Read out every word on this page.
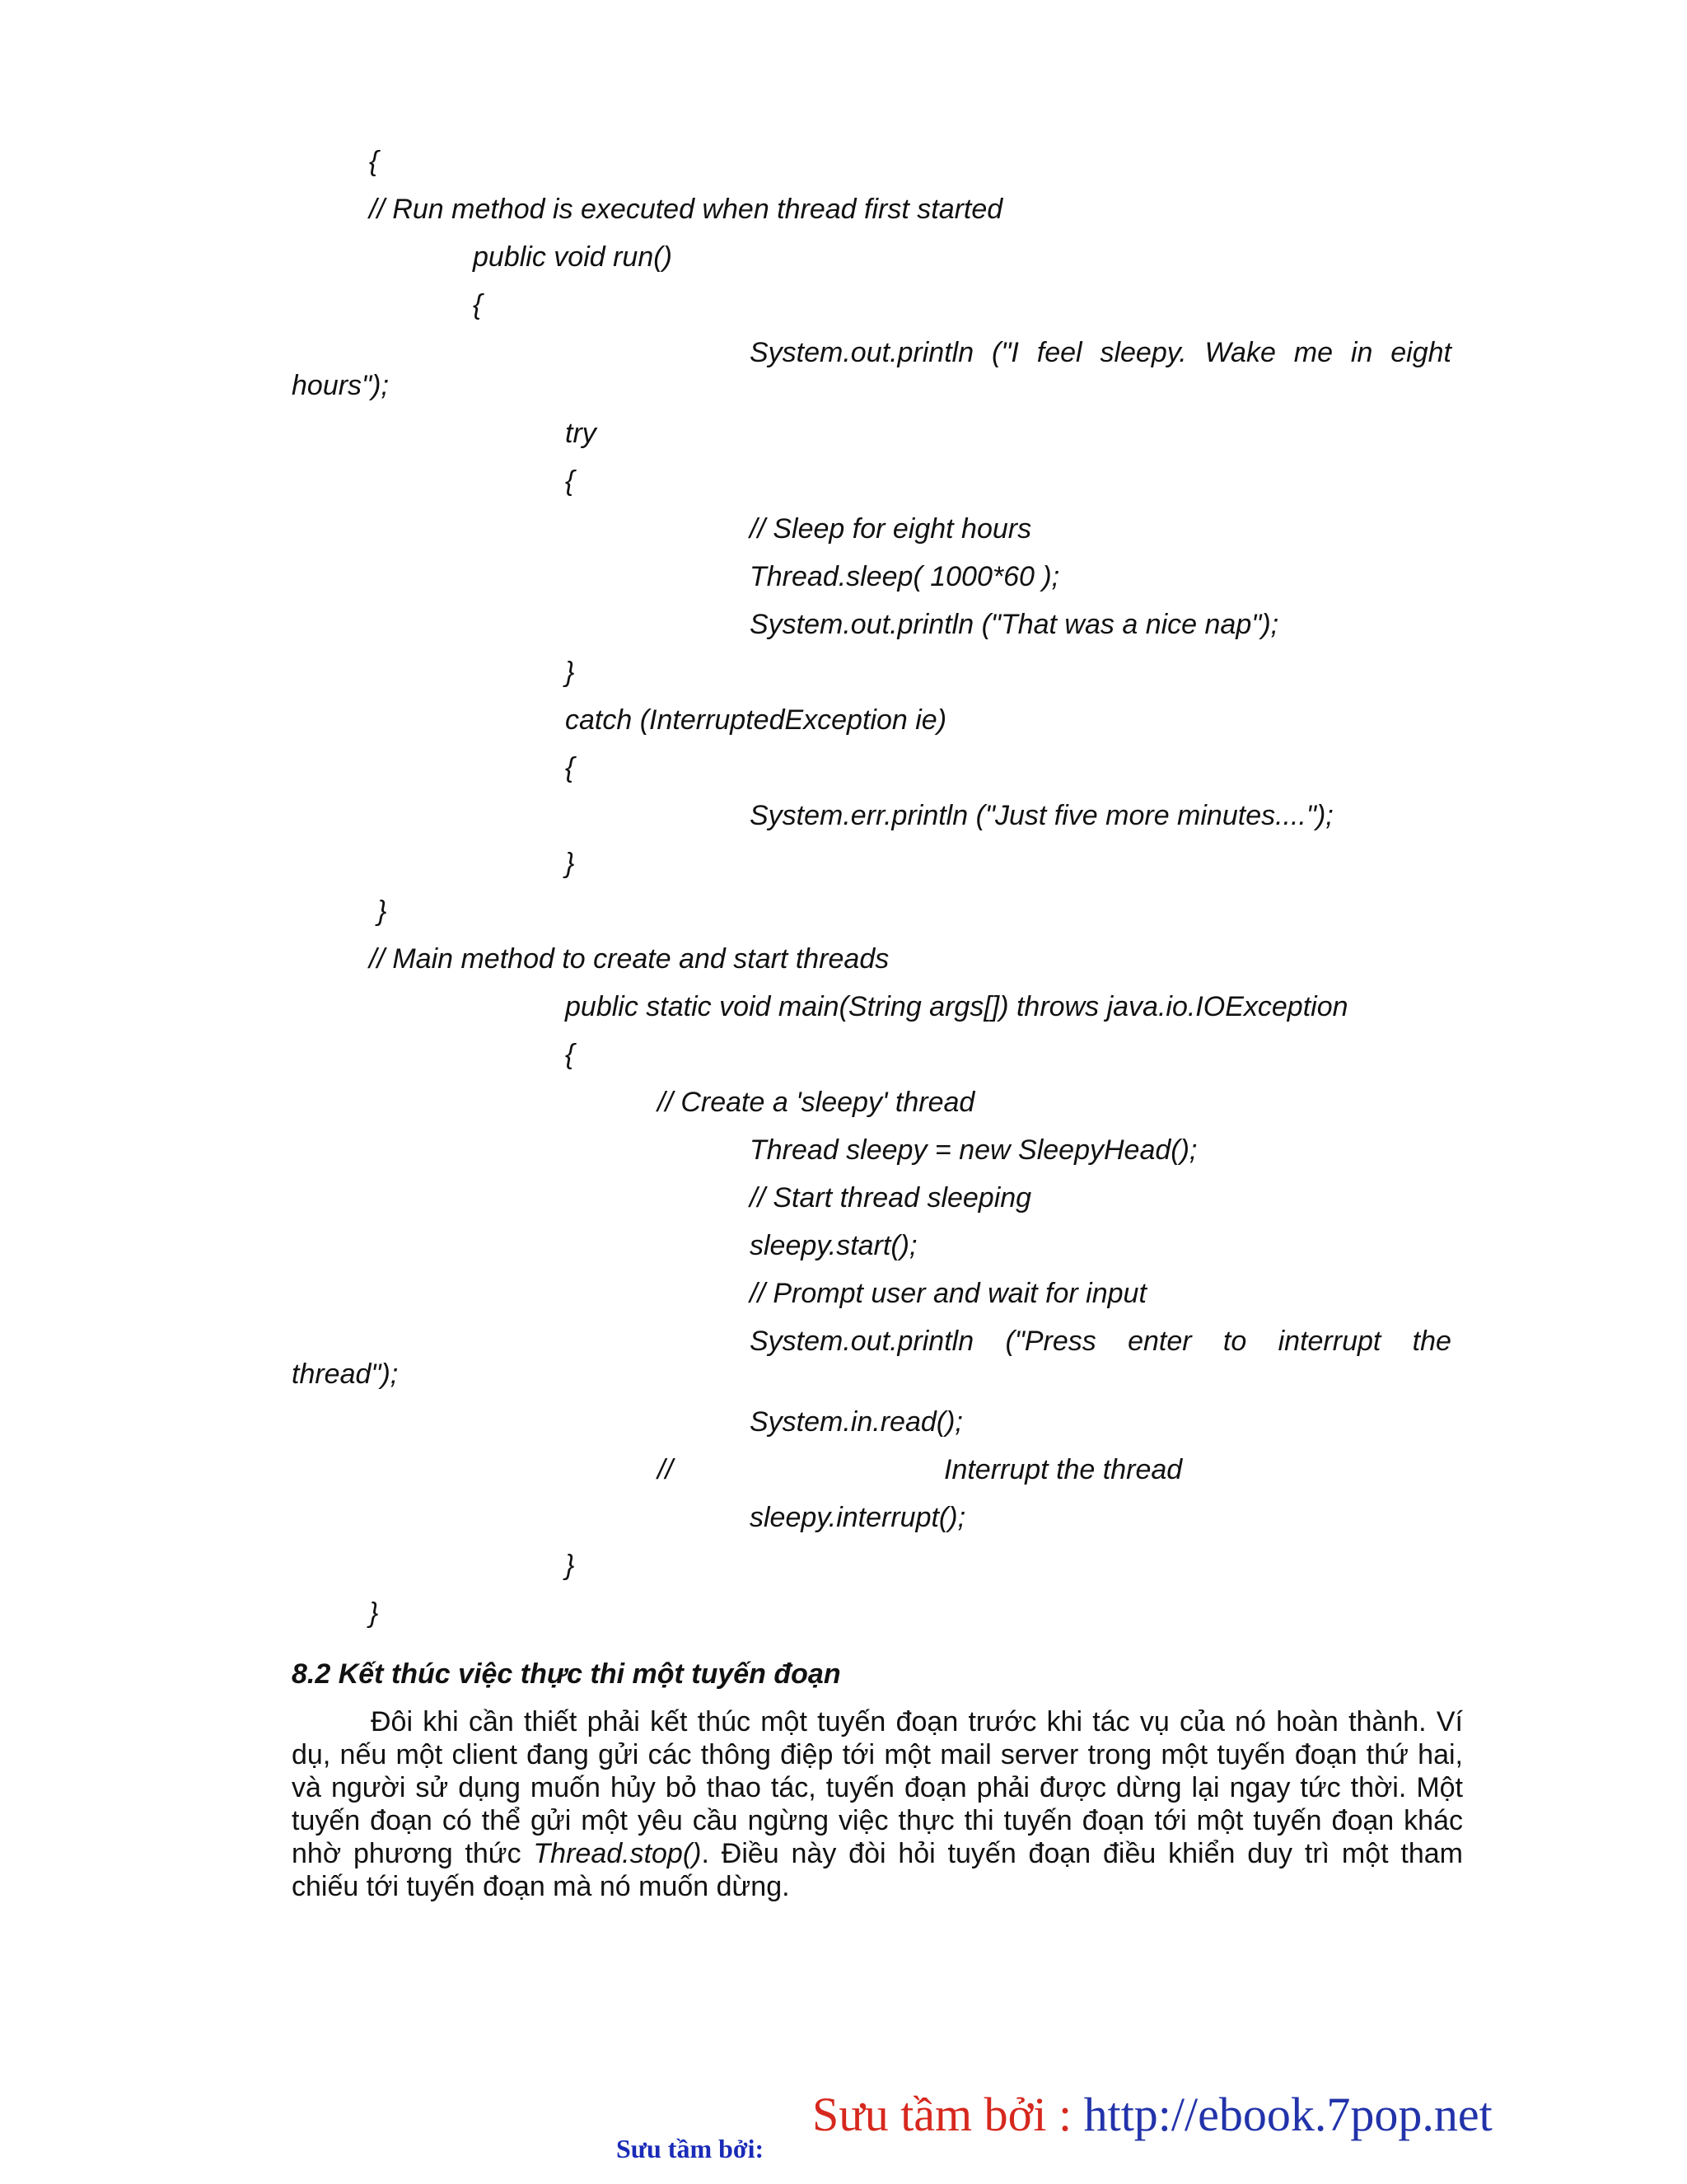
{
// Run method is executed when thread first started
public void run()
{
System.out.println ("I feel sleepy. Wake me in eight
hours");
try
{
// Sleep for eight hours
Thread.sleep( 1000*60 );
System.out.println ("That was a nice nap");
}
catch (InterruptedException ie)
{
System.err.println ("Just five more minutes....");
}
}
// Main method to create and start threads
public static void main(String args[]) throws java.io.IOException
{
// Create a 'sleepy' thread
Thread sleepy = new SleepyHead();
// Start thread sleeping
sleepy.start();
// Prompt user and wait for input
System.out.println ("Press enter to interrupt the
thread");
System.in.read();
//	Interrupt the thread
sleepy.interrupt();
}
}
8.2 Kết thúc việc thực thi một tuyến đoạn
Đôi khi cần thiết phải kết thúc một tuyến đoạn trước khi tác vụ của nó hoàn thành. Ví dụ, nếu một client đang gửi các thông điệp tới một mail server trong một tuyến đoạn thứ hai, và người sử dụng muốn hủy bỏ thao tác, tuyến đoạn phải được dừng lại ngay tức thời. Một tuyến đoạn có thể gửi một yêu cầu ngừng việc thực thi tuyến đoạn tới một tuyến đoạn khác nhờ phương thức Thread.stop(). Điều này đòi hỏi tuyến đoạn điều khiển duy trì một tham chiếu tới tuyến đoạn mà nó muốn dừng.
Sưu tầm bởi : http://ebook.7pop.net
Sưu tầm bởi:
